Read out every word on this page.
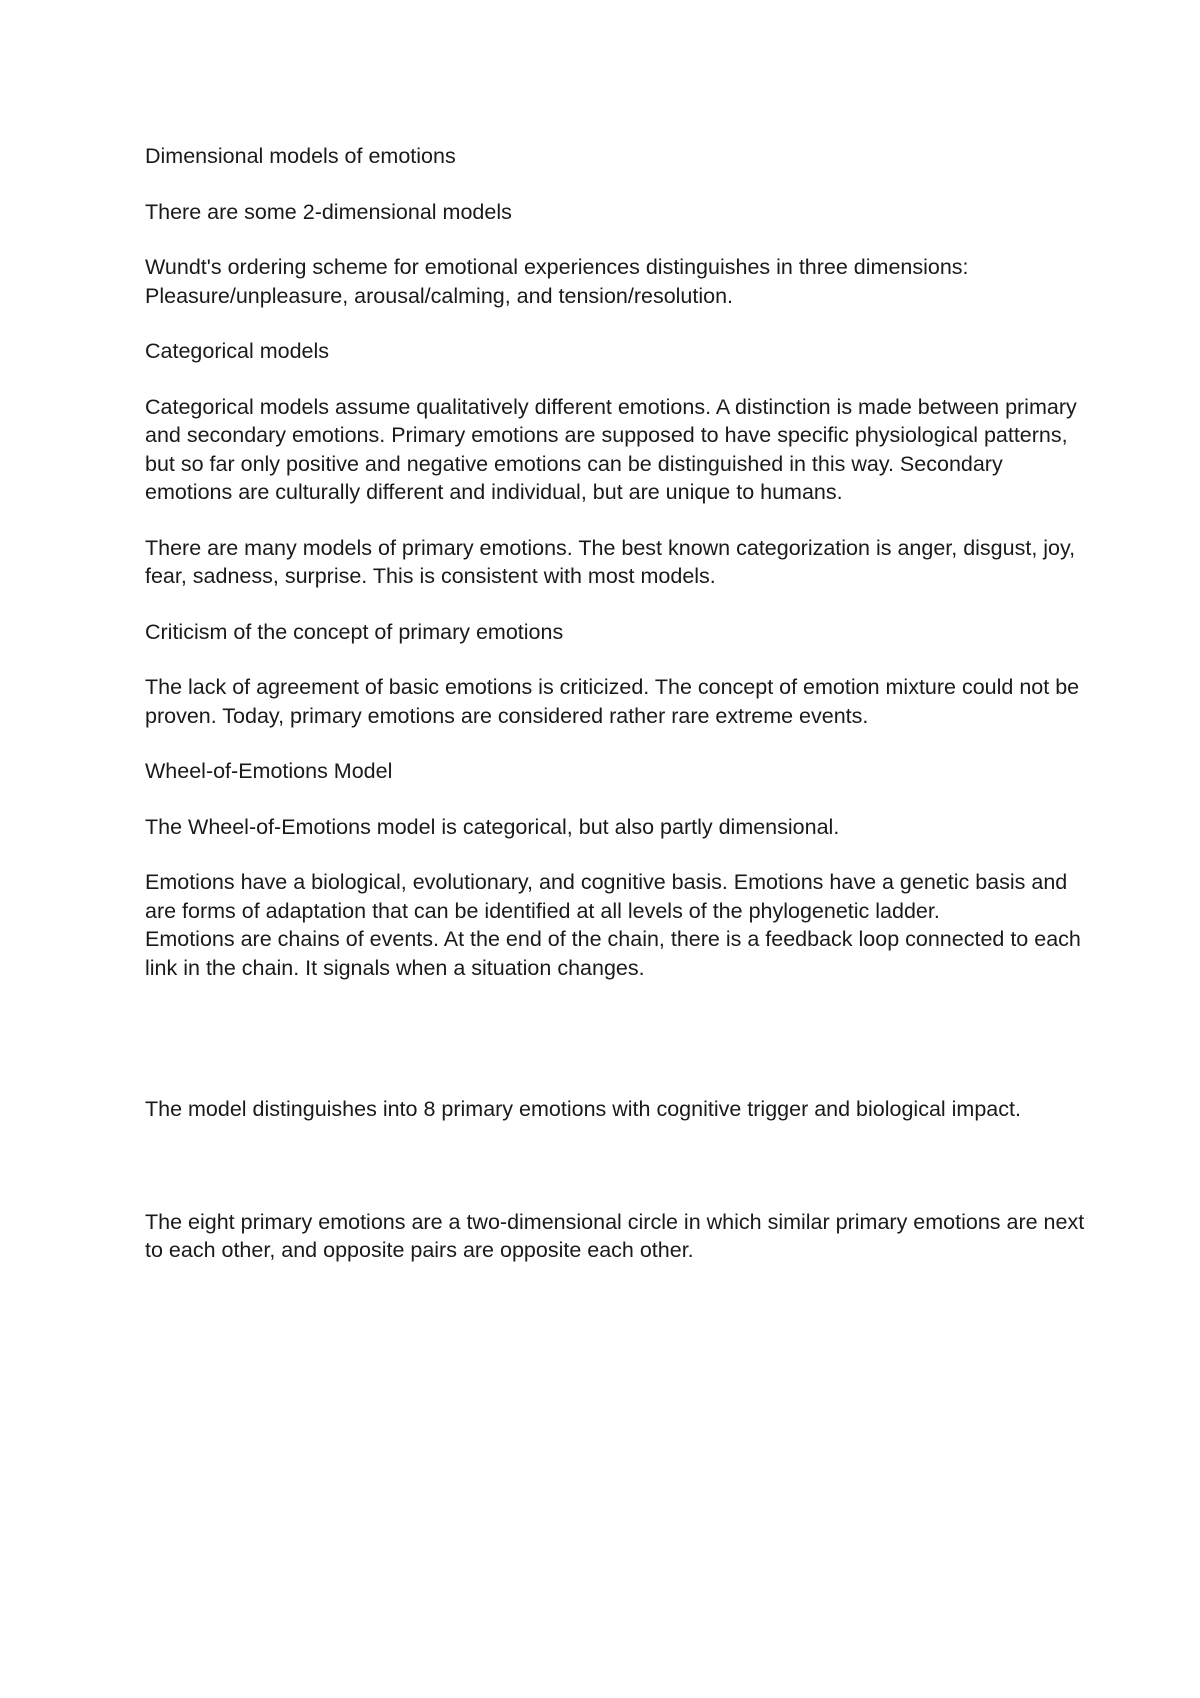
Dimensional models of emotions

There are some 2-dimensional models

Wundt's ordering scheme for emotional experiences distinguishes in three dimensions: Pleasure/unpleasure, arousal/calming, and tension/resolution.

Categorical models

Categorical models assume qualitatively different emotions. A distinction is made between primary and secondary emotions. Primary emotions are supposed to have specific physiological patterns, but so far only positive and negative emotions can be distinguished in this way. Secondary emotions are culturally different and individual, but are unique to humans.

There are many models of primary emotions. The best known categorization is anger, disgust, joy, fear, sadness, surprise. This is consistent with most models.

Criticism of the concept of primary emotions

The lack of agreement of basic emotions is criticized. The concept of emotion mixture could not be proven. Today, primary emotions are considered rather rare extreme events.

Wheel-of-Emotions Model

The Wheel-of-Emotions model is categorical, but also partly dimensional.

Emotions have a biological, evolutionary, and cognitive basis. Emotions have a genetic basis and are forms of adaptation that can be identified at all levels of the phylogenetic ladder.

Emotions are chains of events. At the end of the chain, there is a feedback loop connected to each link in the chain. It signals when a situation changes.

The model distinguishes into 8 primary emotions with cognitive trigger and biological impact.

The eight primary emotions are a two-dimensional circle in which similar primary emotions are next to each other, and opposite pairs are opposite each other.
